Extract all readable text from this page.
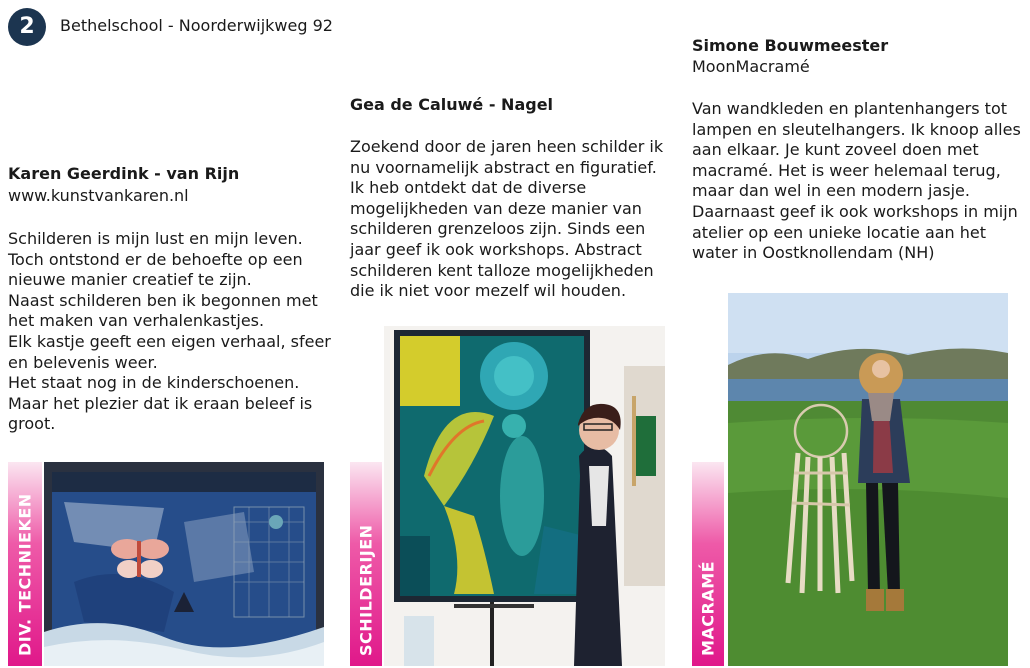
2	Bethelschool - Noorderwijkweg 92
Karen Geerdink - van Rijn
www.kunstvankaren.nl

Schilderen is mijn lust en mijn leven.

Toch ontstond er de behoefte op een

nieuwe manier creatief te zijn.

Naast schilderen ben ik begonnen met

het maken van verhalenkastjes.

Elk kastje geeft een eigen verhaal, sfeer

en belevenis weer.

Het staat nog in de kinderschoenen.

Maar het plezier dat ik eraan beleef is

groot.

DIV. TECHNIEKEN
Gea de Caluwé - Nagel

Zoekend door de jaren heen schilder ik

nu voornamelijk abstract en figuratief.

Ik heb ontdekt dat de diverse

mogelijkheden van deze manier van

schilderen grenzeloos zijn. Sinds een

jaar geef ik ook workshops. Abstract

schilderen kent talloze mogelijkheden

die ik niet voor mezelf wil houden.

SCHILDERIJEN
Simone Bouwmeester
MoonMacramé

Van wandkleden en plantenhangers tot

lampen en sleutelhangers. Ik knoop alles

aan elkaar. Je kunt zoveel doen met

macramé. Het is weer helemaal terug,

maar dan wel in een modern jasje.

Daarnaast geef ik ook workshops in mijn

atelier op een unieke locatie aan het

water in Oostknollendam (NH)

MACRAMÉ
